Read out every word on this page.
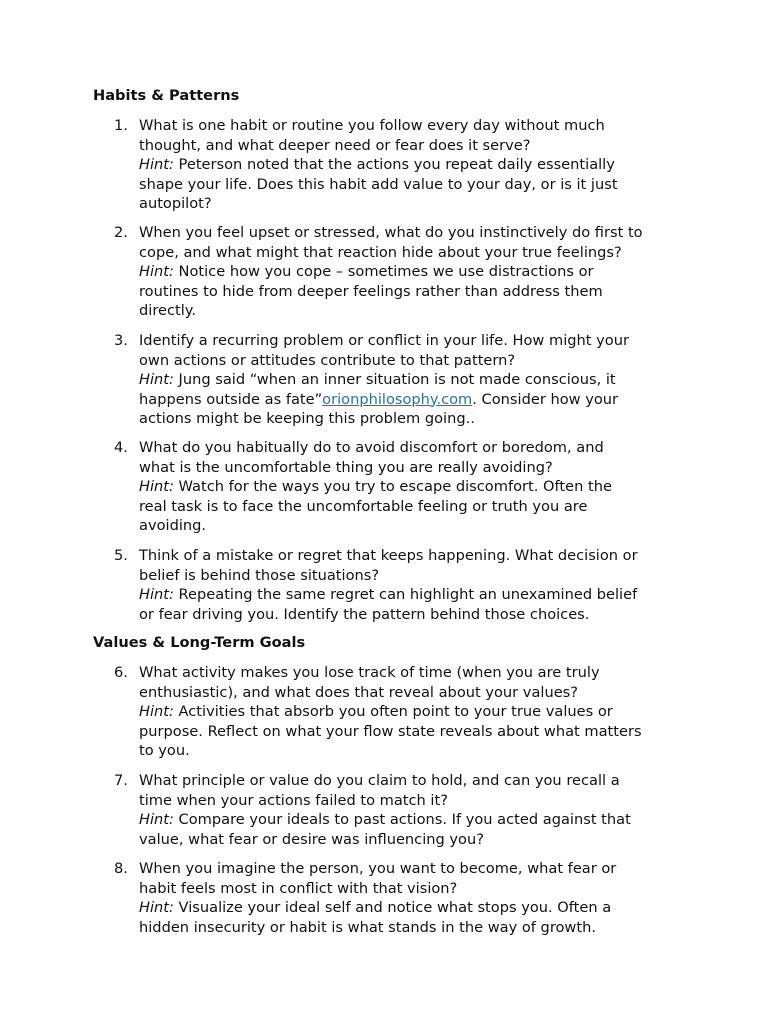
Habits & Patterns
1. What is one habit or routine you follow every day without much
thought, and what deeper need or fear does it serve?
Hint: Peterson noted that the actions you repeat daily essentially
shape your life. Does this habit add value to your day, or is it just
autopilot?
2. When you feel upset or stressed, what do you instinctively do first to
cope, and what might that reaction hide about your true feelings?
Hint: Notice how you cope – sometimes we use distractions or
routines to hide from deeper feelings rather than address them
directly.
3. Identify a recurring problem or conflict in your life. How might your
own actions or attitudes contribute to that pattern?
Hint: Jung said “when an inner situation is not made conscious, it
happens outside as fate”orionphilosophy.com. Consider how your
actions might be keeping this problem going..
4. What do you habitually do to avoid discomfort or boredom, and
what is the uncomfortable thing you are really avoiding?
Hint: Watch for the ways you try to escape discomfort. Often the
real task is to face the uncomfortable feeling or truth you are
avoiding.
5. Think of a mistake or regret that keeps happening. What decision or
belief is behind those situations?
Hint: Repeating the same regret can highlight an unexamined belief
or fear driving you. Identify the pattern behind those choices.
Values & Long-Term Goals
6. What activity makes you lose track of time (when you are truly
enthusiastic), and what does that reveal about your values?
Hint: Activities that absorb you often point to your true values or
purpose. Reflect on what your flow state reveals about what matters
to you.
7. What principle or value do you claim to hold, and can you recall a
time when your actions failed to match it?
Hint: Compare your ideals to past actions. If you acted against that
value, what fear or desire was influencing you?
8. When you imagine the person, you want to become, what fear or
habit feels most in conflict with that vision?
Hint: Visualize your ideal self and notice what stops you. Often a
hidden insecurity or habit is what stands in the way of growth.
